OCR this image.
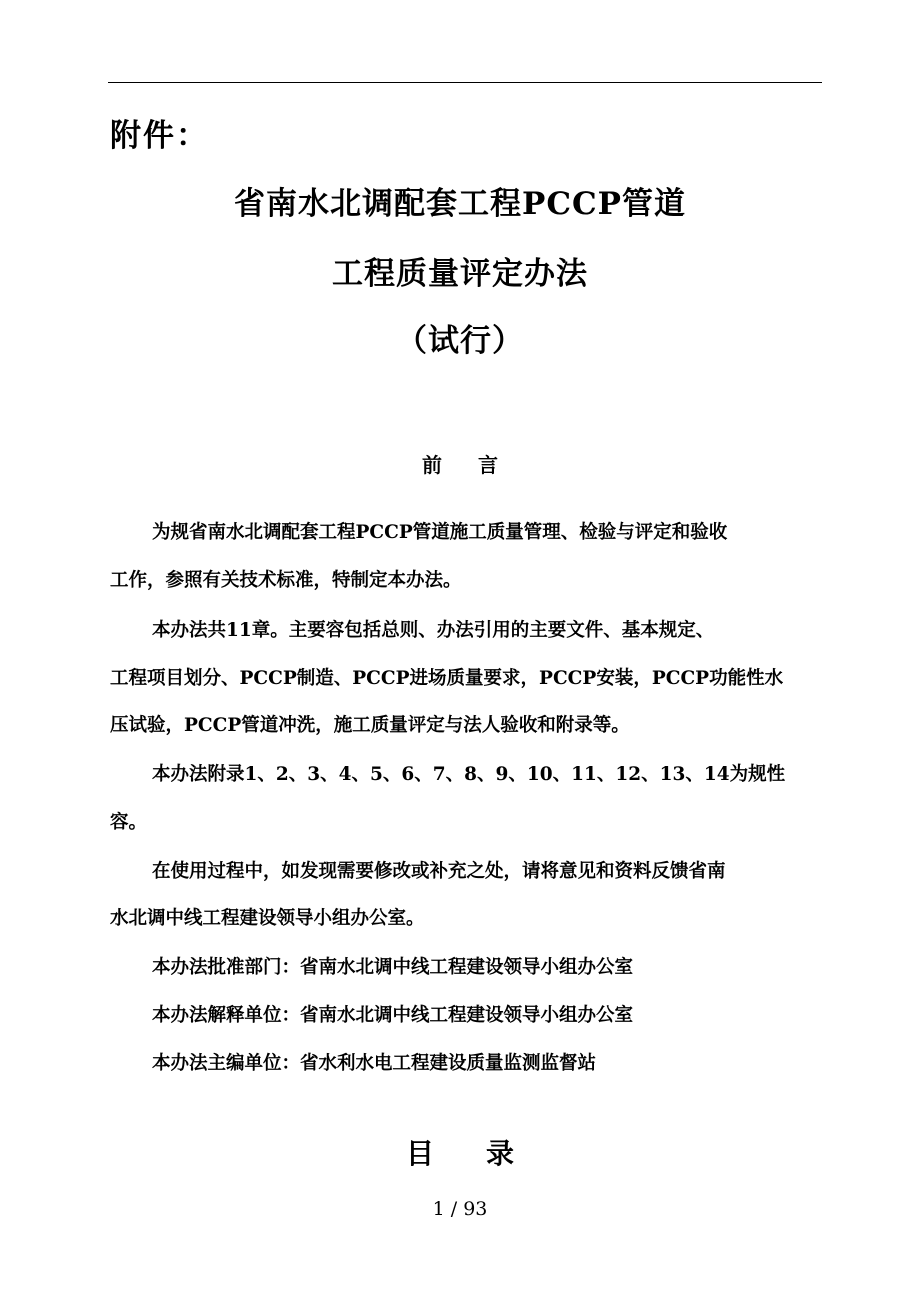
附件：
省南水北调配套工程PCCP管道
工程质量评定办法
（试行）
前言
为规省南水北调配套工程PCCP管道施工质量管理、检验与评定和验收
工作，参照有关技术标准，特制定本办法。
本办法共11章。主要容包括总则、办法引用的主要文件、基本规定、
工程项目划分、PCCP制造、PCCP进场质量要求，PCCP安装，PCCP功能性水
压试验，PCCP管道冲洗，施工质量评定与法人验收和附录等。
本办法附录1、2、3、4、5、6、7、8、9、10、11、12、13、14为规性
容。
在使用过程中，如发现需要修改或补充之处，请将意见和资料反馈省南
水北调中线工程建设领导小组办公室。
本办法批准部门：省南水北调中线工程建设领导小组办公室
本办法解释单位：省南水北调中线工程建设领导小组办公室
本办法主编单位：省水利水电工程建设质量监测监督站
目录
1 / 93
